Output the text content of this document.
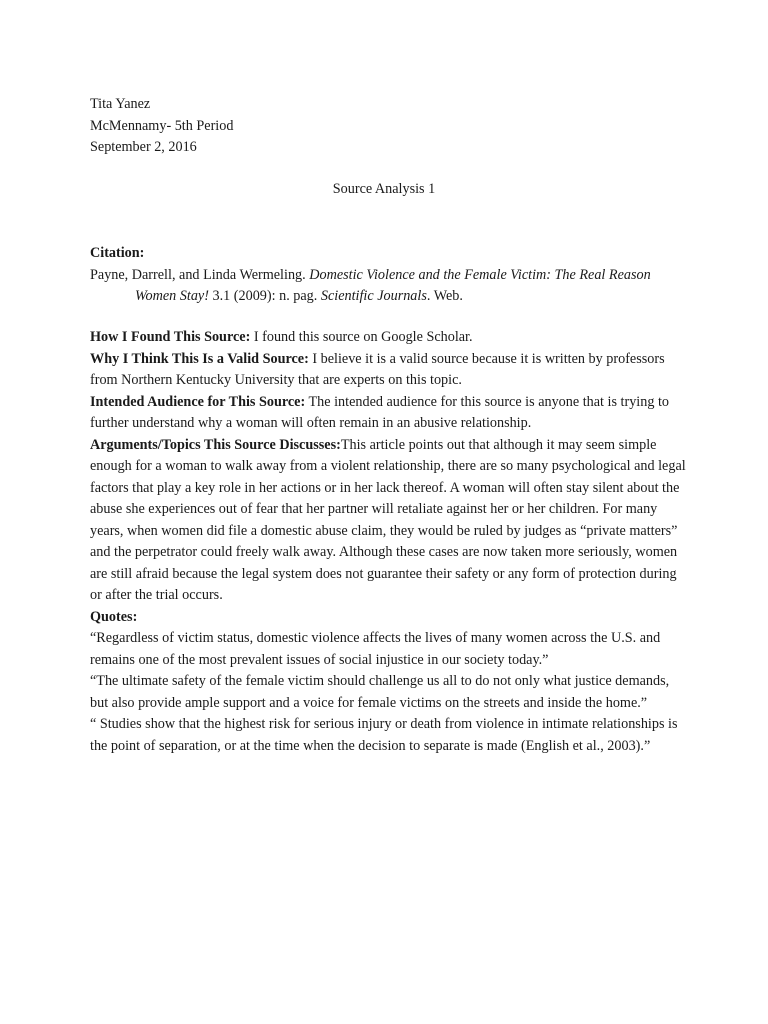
Tita Yanez

McMennamy- 5th Period

September 2, 2016

Source Analysis 1

Citation:

Payne, Darrell, and Linda Wermeling. Domestic Violence and the Female Victim: The Real Reason Women Stay! 3.1 (2009): n. pag. Scientific Journals. Web.

How I Found This Source: I found this source on Google Scholar.

Why I Think This Is a Valid Source: I believe it is a valid source because it is written by professors from Northern Kentucky University that are experts on this topic.

Intended Audience for This Source: The intended audience for this source is anyone that is trying to further understand why a woman will often remain in an abusive relationship.

Arguments/Topics This Source Discusses:This article points out that although it may seem simple enough for a woman to walk away from a violent relationship, there are so many psychological and legal factors that play a key role in her actions or in her lack thereof. A woman will often stay silent about the abuse she experiences out of fear that her partner will retaliate against her or her children. For many years, when women did file a domestic abuse claim, they would be ruled by judges as “private matters” and the perpetrator could freely walk away. Although these cases are now taken more seriously, women are still afraid because the legal system does not guarantee their safety or any form of protection during or after the trial occurs.

Quotes:

“Regardless of victim status, domestic violence affects the lives of many women across the U.S. and remains one of the most prevalent issues of social injustice in our society today.”

“The ultimate safety of the female victim should challenge us all to do not only what justice demands, but also provide ample support and a voice for female victims on the streets and inside the home.”

“ Studies show that the highest risk for serious injury or death from violence in intimate relationships is the point of separation, or at the time when the decision to separate is made (English et al., 2003).”
